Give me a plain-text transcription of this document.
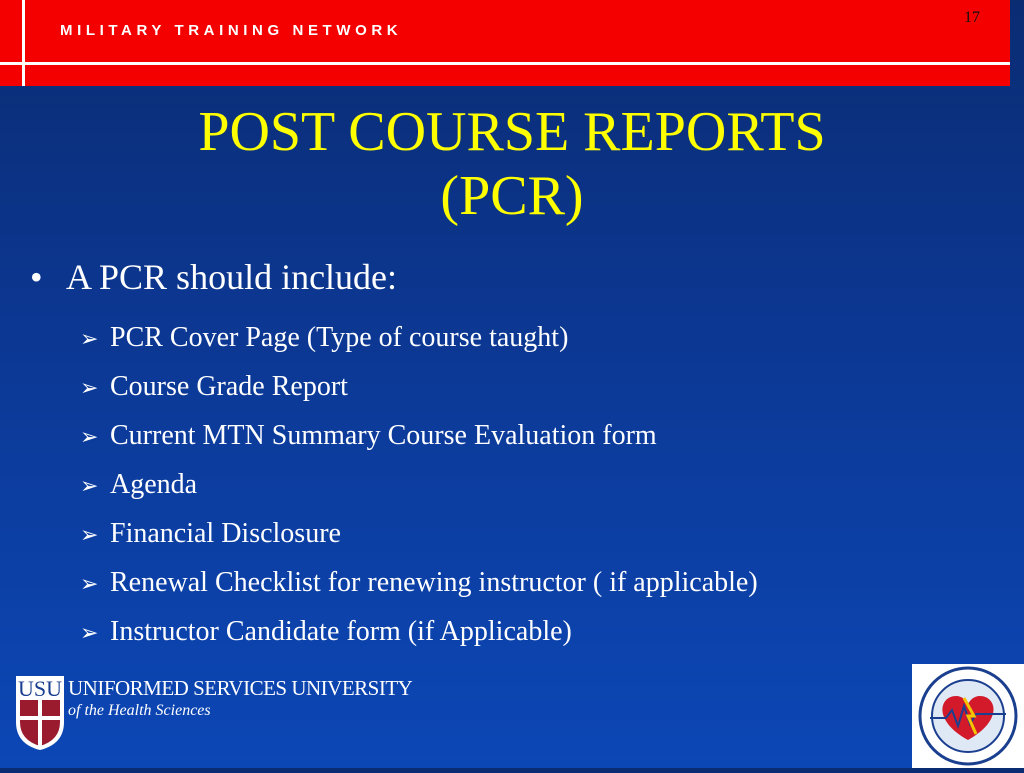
MILITARY TRAINING NETWORK
17
POST COURSE REPORTS
(PCR)
• A PCR should include:
➢ PCR Cover Page (Type of course taught)
➢ Course Grade Report
➢ Current MTN Summary Course Evaluation form
➢ Agenda
➢ Financial Disclosure
➢ Renewal Checklist for renewing instructor ( if applicable)
➢ Instructor Candidate form (if Applicable)
USU UNIFORMED SERVICES UNIVERSITY
of the Health Sciences
